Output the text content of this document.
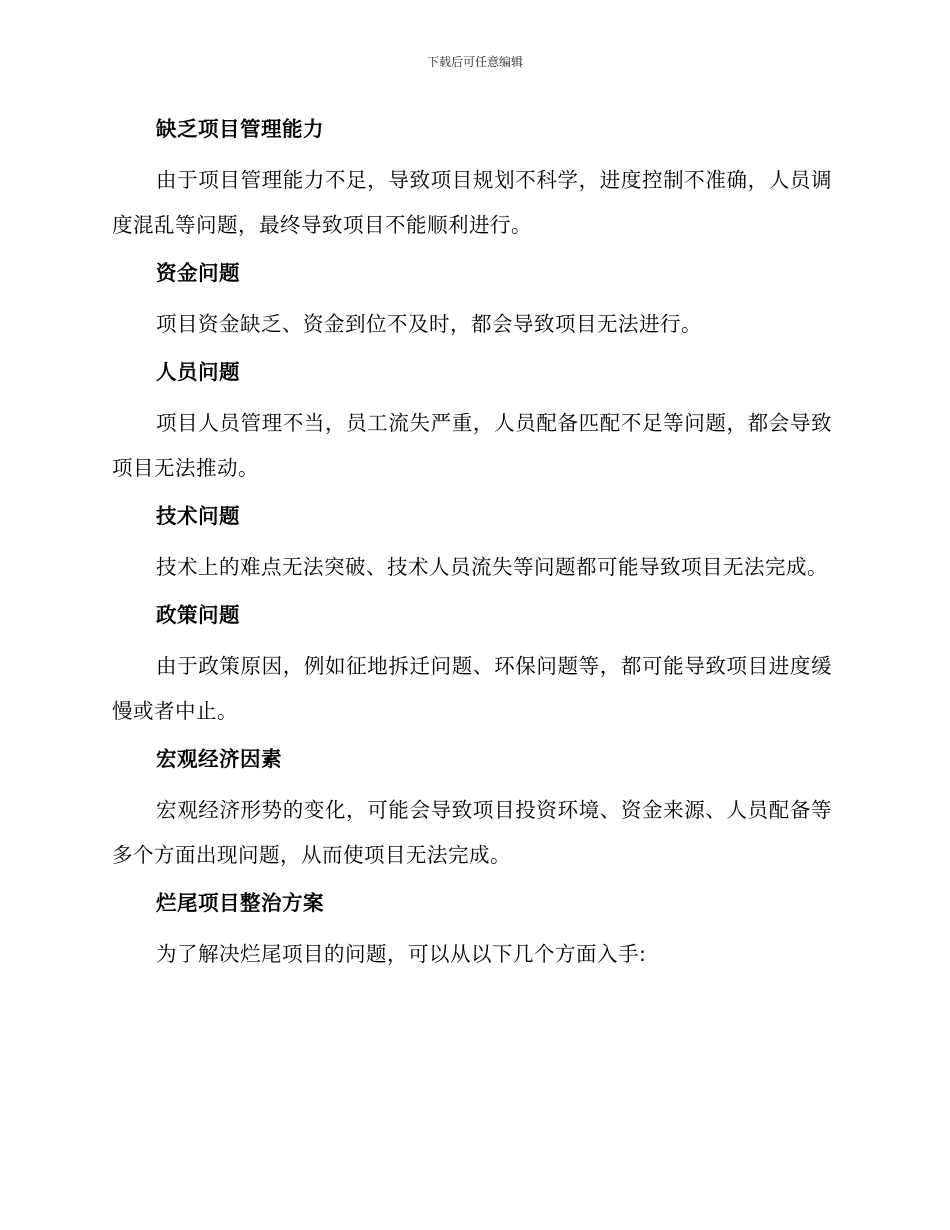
下载后可任意编辑
缺乏项目管理能力

由于项目管理能力不足，导致项目规划不科学，进度控制不准确，人员调度混乱等问题，最终导致项目不能顺利进行。

资金问题

项目资金缺乏、资金到位不及时，都会导致项目无法进行。

人员问题

项目人员管理不当，员工流失严重，人员配备匹配不足等问题，都会导致项目无法推动。

技术问题

技术上的难点无法突破、技术人员流失等问题都可能导致项目无法完成。

政策问题

由于政策原因，例如征地拆迁问题、环保问题等，都可能导致项目进度缓慢或者中止。

宏观经济因素

宏观经济形势的变化，可能会导致项目投资环境、资金来源、人员配备等多个方面出现问题，从而使项目无法完成。

烂尾项目整治方案

为了解决烂尾项目的问题，可以从以下几个方面入手:
